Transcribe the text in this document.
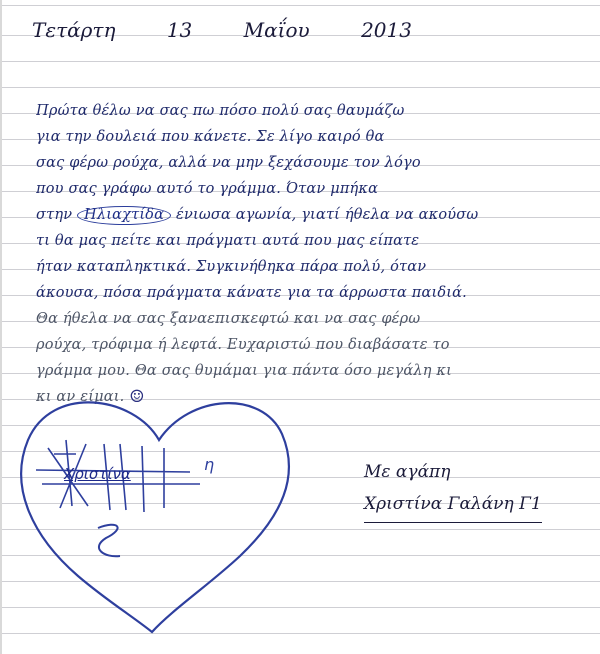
Τετάρτη	13	Μαΐου	2013
Πρώτα θέλω να σας πω πόσο πολύ σας θαυμάζω
για την δουλειά που κάνετε. Σε λίγο καιρό θα
σας φέρω ρούχα, αλλά να μην ξεχάσουμε τον λόγο
που σας γράφω αυτό το γράμμα. Όταν μπήκα
στην Ηλιαχτίδα ένιωσα αγωνία, γιατί ήθελα να ακούσω
τι θα μας πείτε και πράγματι αυτά που μας είπατε
ήταν καταπληκτικά. Συγκινήθηκα πάρα πολύ, όταν
άκουσα, πόσα πράγματα κάνατε για τα άρρωστα παιδιά.
Θα ήθελα να σας ξαναεπισκεφτώ και να σας φέρω
ρούχα, τρόφιμα ή λεφτά. Ευχαριστώ που διαβάσατε το
γράμμα μου. Θα σας θυμάμαι για πάντα όσο μεγάλη κι
κι αν είμαι. ☺
η
Χριστίνα	Με αγάπη
Χριστίνα Γαλάνη Γ1
